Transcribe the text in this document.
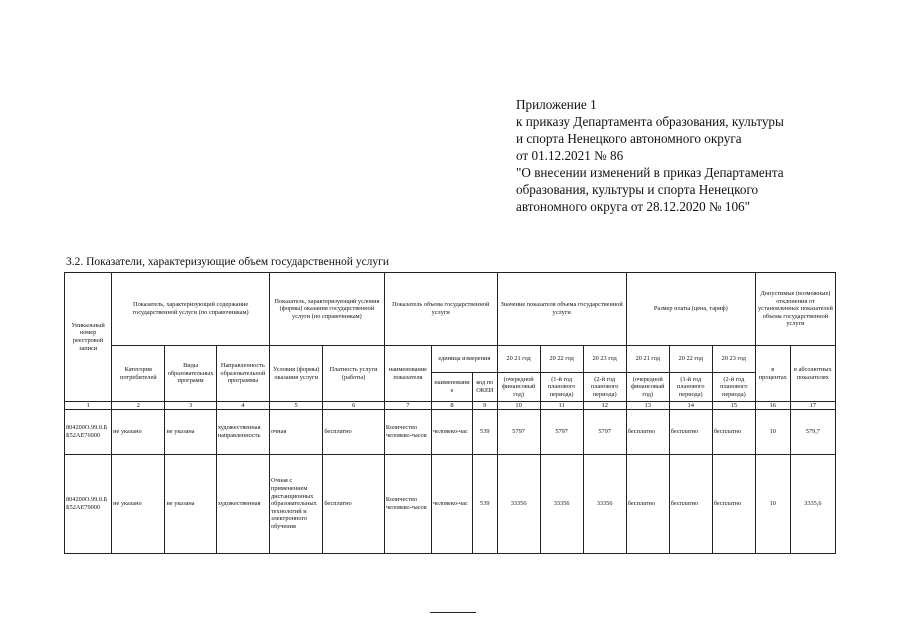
Приложение 1
к приказу Департамента образования, культуры
и спорта Ненецкого автономного округа
от 01.12.2021 № 86
"О внесении изменений в приказ Департамента
образования, культуры и спорта Ненецкого
автономного округа от 28.12.2020 № 106"
3.2. Показатели, характеризующие объем государственной услуги
Уникальный номер реестровой записи	Показатель, характеризующий содержание государственной услуги (по справочникам)			Показатель, характеризующий условия (формы) оказания государственной услуги (по справочникам)		Показатель объема государственной услуги			Значение показателя объема государственной услуги			Размер платы (цена, тариф)			Допустимые (возможные) отклонения от установленных показателей объема государственной услуги	
	Категория потребителей	Виды образовательных программ	Направленность образовательной программы	Условия (формы) оказания услуги	Платность услуги (работы)	наименование показателя	единица измерения		20 21 год	20 22 год	20 23 год	20 21 год	20 22 год	20 23 год	в процентах	в абсолютных показателях
							наименование	код по ОКЕИ	(очередной финансовый год)	(1-й год планового периода)	(2-й год планового периода)	(очередной финансовый год)	(1-й год планового периода)	(2-й год планового периода)		
1	2	3	4	5	6	7	8	9	10	11	12	13	14	15	16	17
804200О.99.0.ББ52АЕ76000	не указано	не указана	художественная направленность	очная	бесплатно	Количество человеко-часов	человеко-час	539	5797	5797	5797	бесплатно	бесплатно	бесплатно	10	579,7
804200О.99.0.ББ52АЕ79000	не указано	не указана	художественная	Очная с применением дистанционных образовательных технологий и электронного обучения	бесплатно	Количество человеко-часов	человеко-час	539	33356	33356	33356	бесплатно	бесплатно	бесплатно	10	3335,6
